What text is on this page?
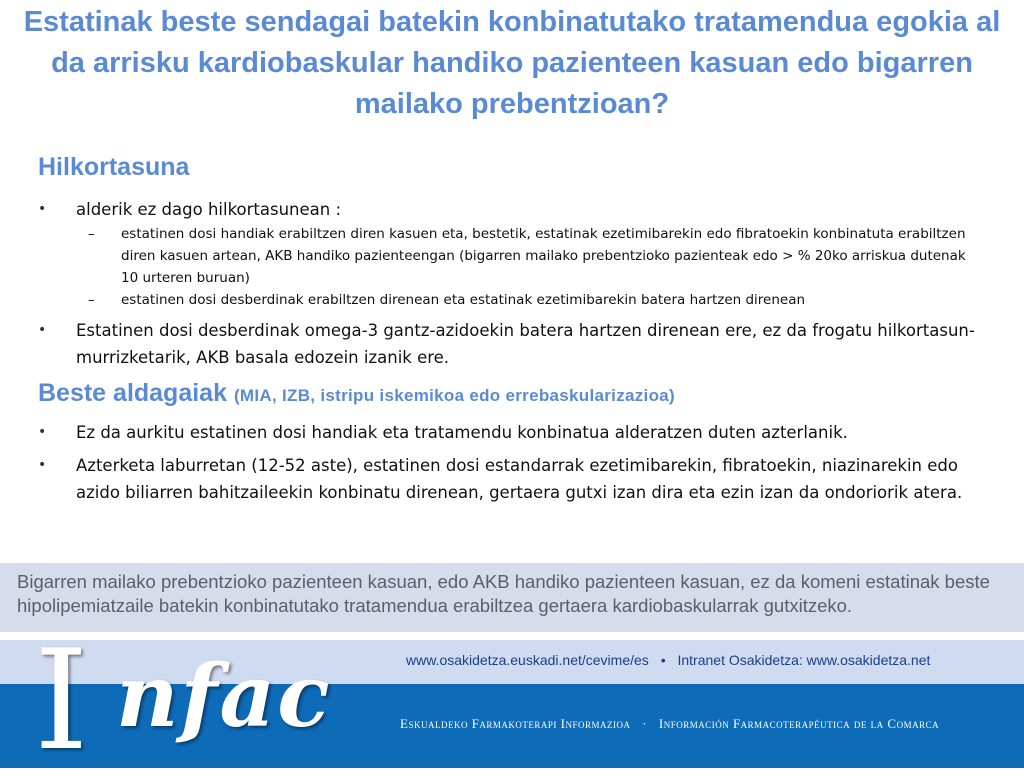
Estatinak beste sendagai batekin konbinatutako tratamendua egokia al da arrisku kardiobaskular handiko pazienteen kasuan edo bigarren mailako prebentzioan?
Hilkortasuna

• alderik ez dago hilkortasunean :

– estatinen dosi handiak erabiltzen diren kasuen eta, bestetik, estatinak ezetimibarekin edo fibratoekin konbinatuta erabiltzen diren kasuen artean, AKB handiko pazienteengan (bigarren mailako prebentzioko pazienteak edo > % 20ko arriskua dutenak 10 urteren buruan)

– estatinen dosi desberdinak erabiltzen direnean eta estatinak ezetimibarekin batera hartzen direnean

• Estatinen dosi desberdinak omega-3 gantz-azidoekin batera hartzen direnean ere, ez da frogatu hilkortasun-murrizketarik, AKB basala edozein izanik ere.

Beste aldagaiak (MIA, IZB, istripu iskemikoa edo errebaskularizazioa)

• Ez da aurkitu estatinen dosi handiak eta tratamendu konbinatua alderatzen duten azterlanik.

• Azterketa laburretan (12-52 aste), estatinen dosi estandarrak ezetimibarekin, fibratoekin, niazinarekin edo azido biliarren bahitzaileekin konbinatu direnean, gertaera gutxi izan dira eta ezin izan da ondoriorik atera.

Bigarren mailako prebentzioko pazienteen kasuan, edo AKB handiko pazienteen kasuan, ez da komeni estatinak beste hipolipemiatzaile batekin konbinatutako tratamendua erabiltzea gertaera kardiobaskularrak gutxitzeko.

I nfac	www.osakidetza.euskadi.net/cevime/es • Intranet Osakidetza: www.osakidetza.net

Eskualdeko Farmakoterapi Informazioa · Información Farmacoterapéutica de la Comarca
